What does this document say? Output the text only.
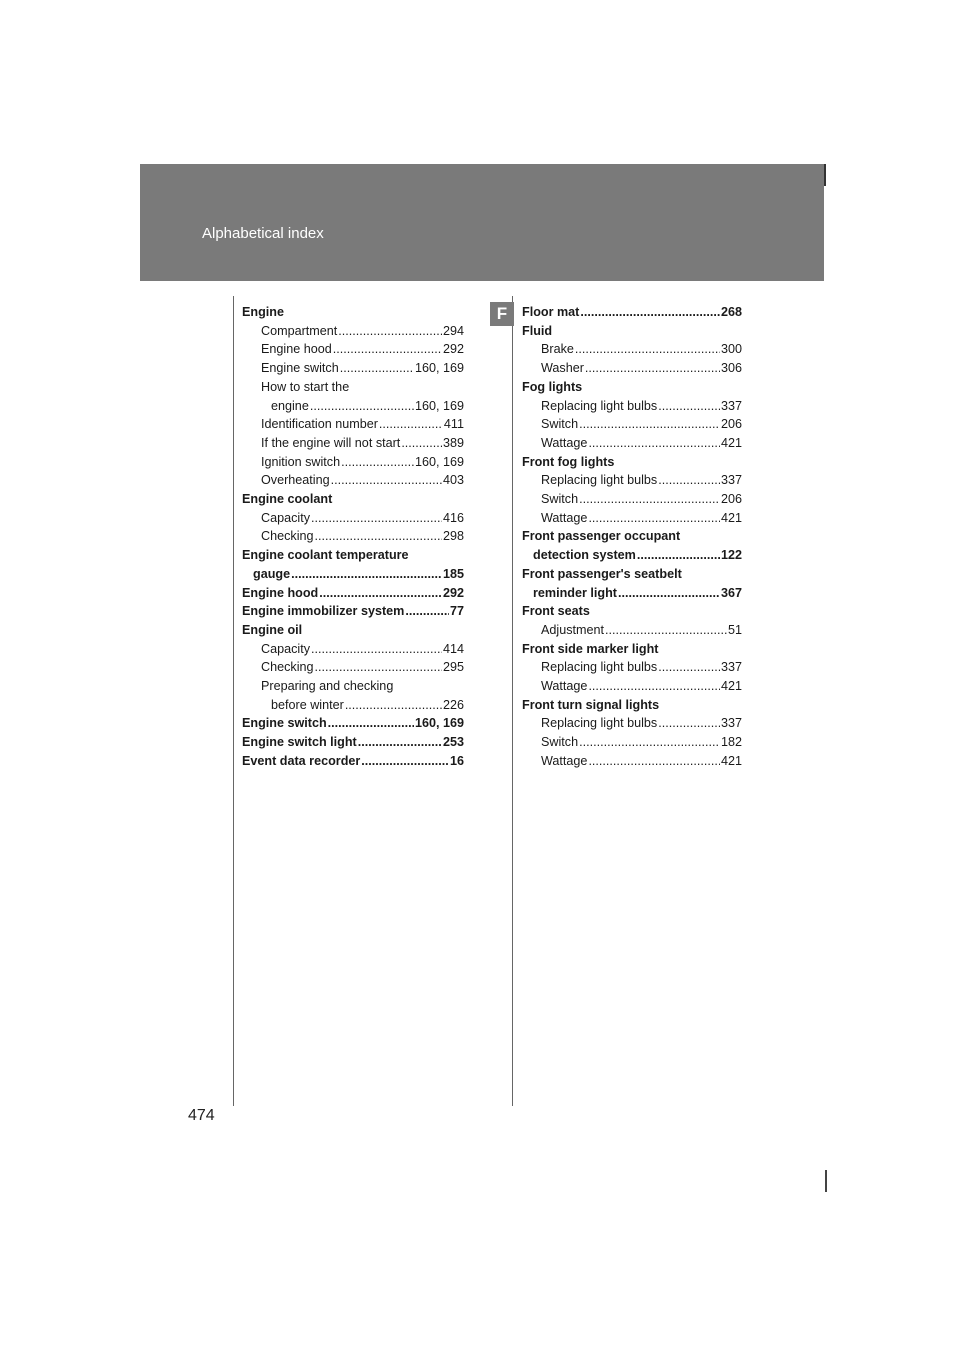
Alphabetical index
F
Engine
Compartment .....	294
Engine hood .....	292
Engine switch .....	160, 169
How to start the
engine .....	160, 169
Identification number .....	411
If the engine will not start .....	389
Ignition switch .....	160, 169
Overheating .....	403
Engine coolant
Capacity .....	416
Checking .....	298
Engine coolant temperature
gauge .....	185
Engine hood .....	292
Engine immobilizer system .....	77
Engine oil
Capacity .....	414
Checking .....	295
Preparing and checking
before winter .....	226
Engine switch .....	160, 169
Engine switch light .....	253
Event data recorder .....	16
Floor mat .....	268
Fluid
Brake .....	300
Washer .....	306
Fog lights
Replacing light bulbs .....	337
Switch .....	206
Wattage .....	421
Front fog lights
Replacing light bulbs .....	337
Switch .....	206
Wattage .....	421
Front passenger occupant
detection system .....	122
Front passenger's seatbelt
reminder light .....	367
Front seats
Adjustment .....	51
Front side marker light
Replacing light bulbs .....	337
Wattage .....	421
Front turn signal lights
Replacing light bulbs .....	337
Switch .....	182
Wattage .....	421
474
